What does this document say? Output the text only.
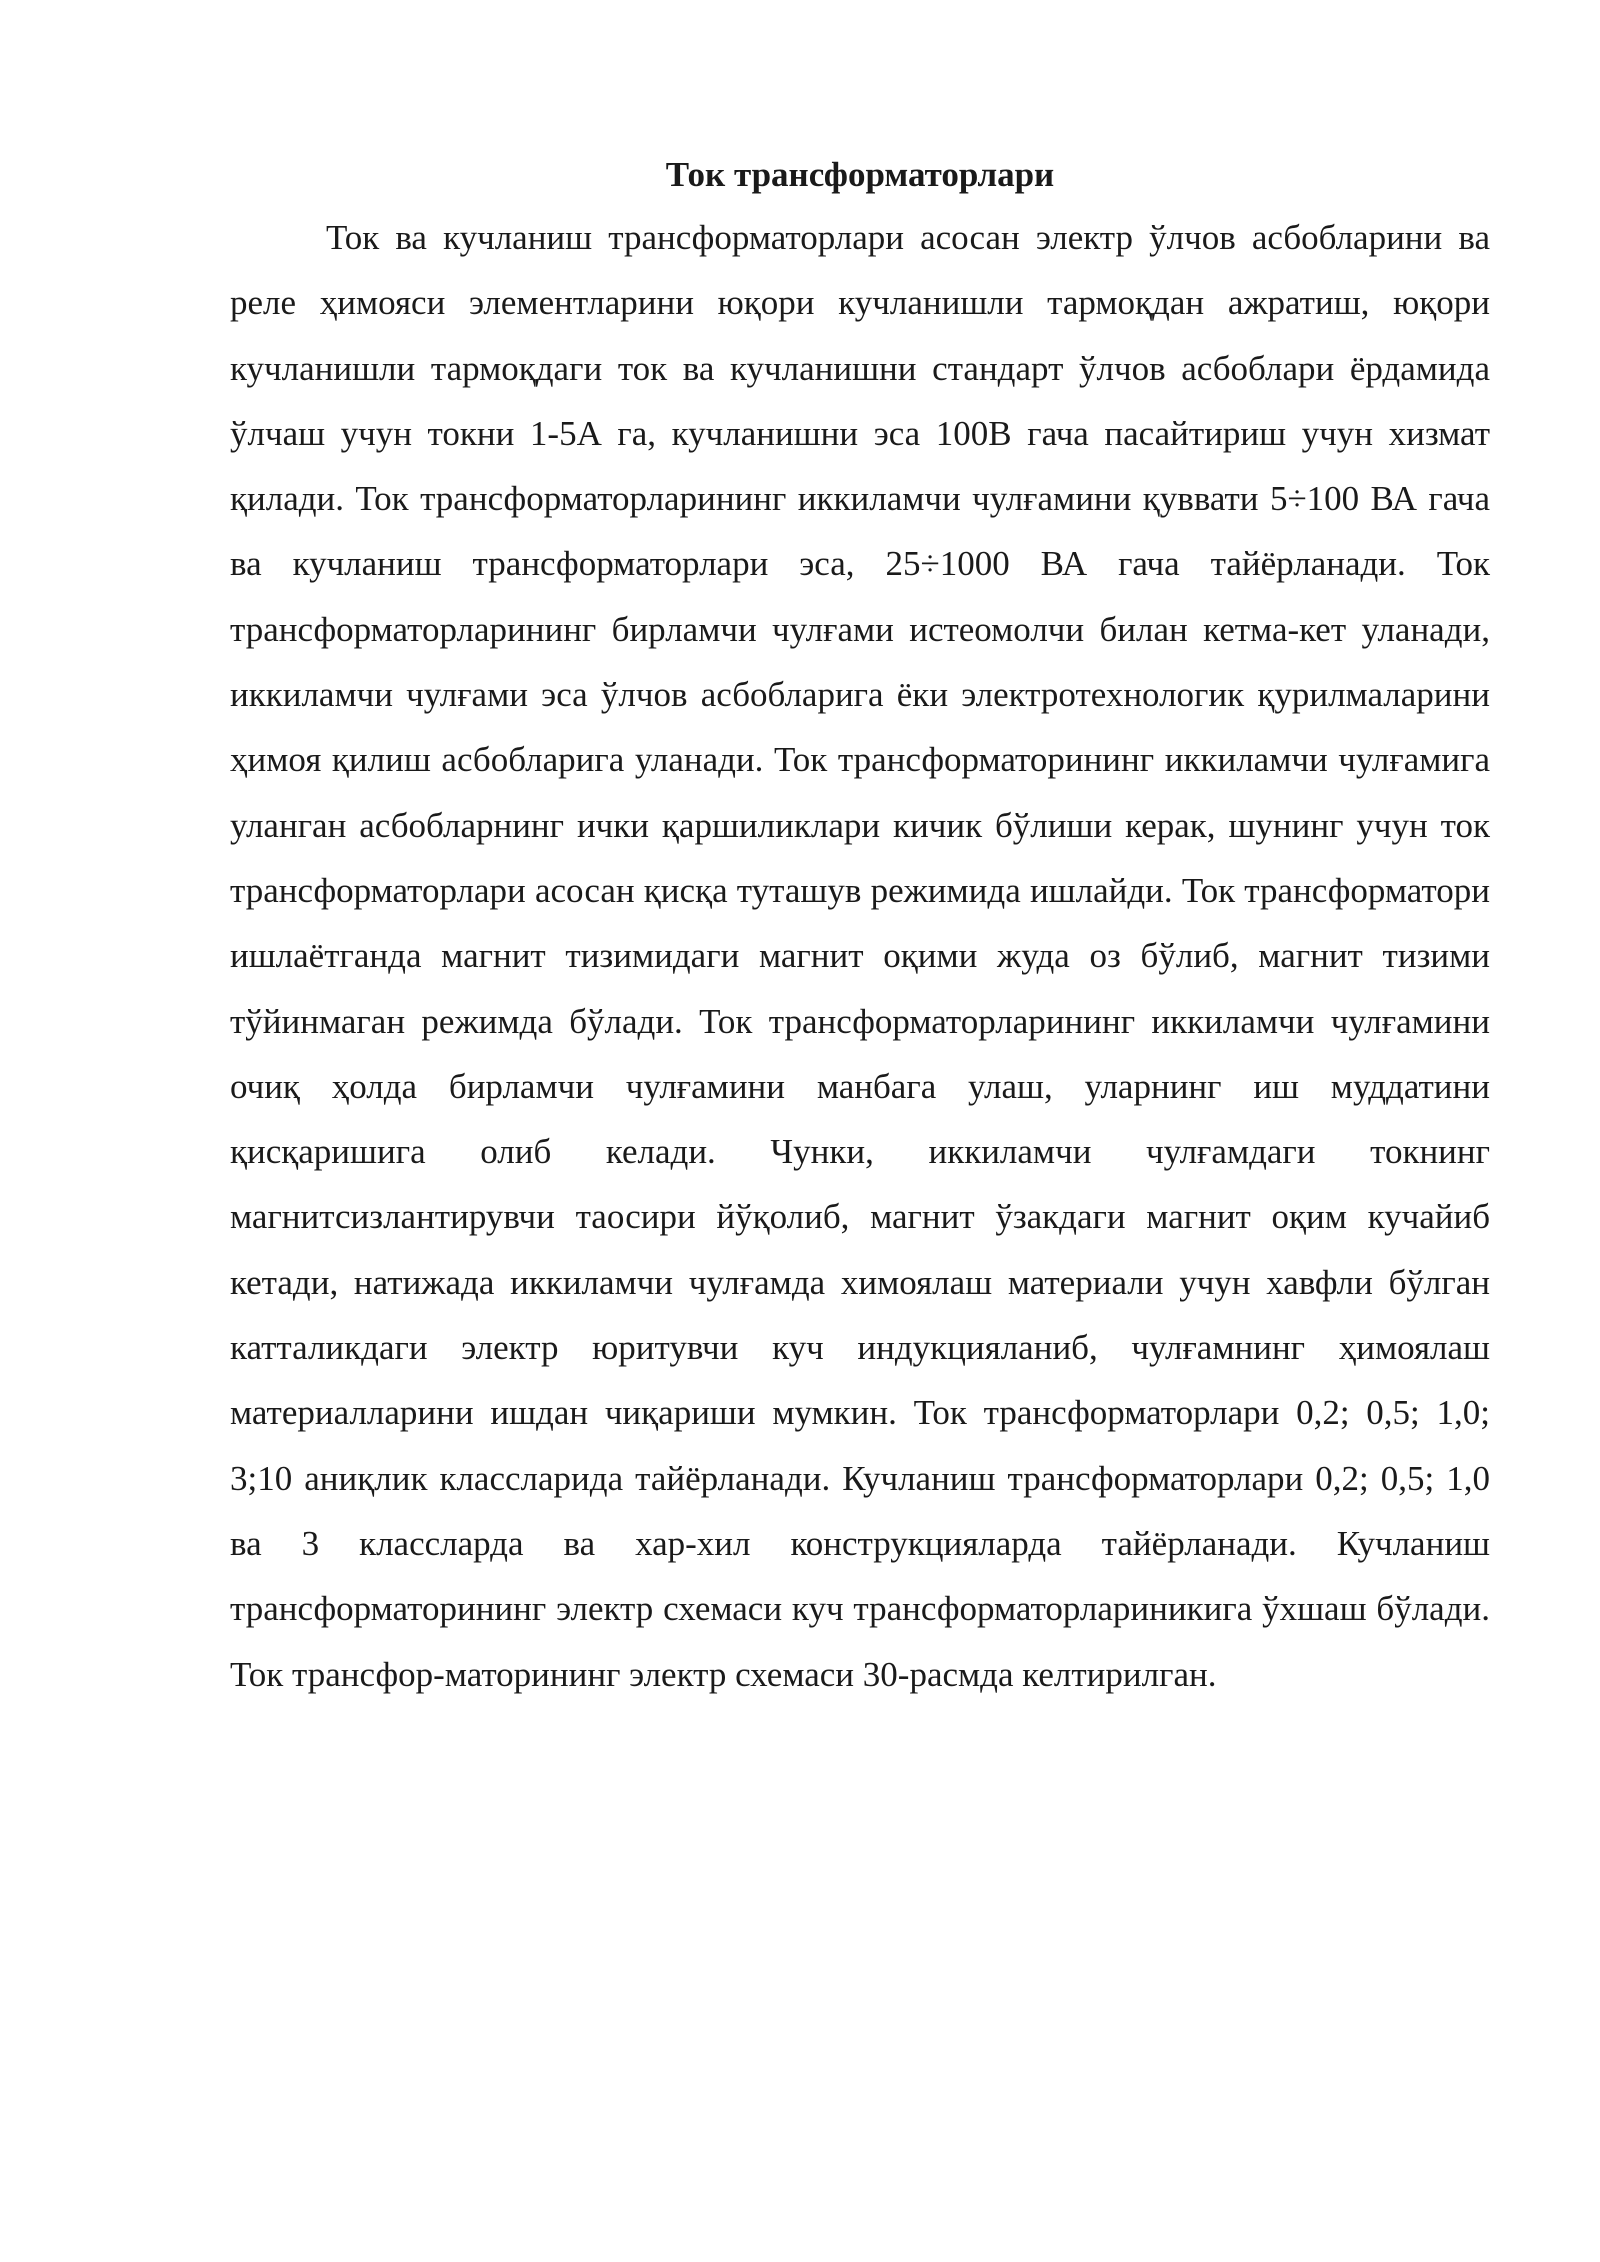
Ток трансформаторлари

Ток ва кучланиш трансформаторлари асосан электр ўлчов асбобларини ва реле ҳимояси элементларини юқори кучланишли тармоқдан ажратиш, юқори кучланишли тармоқдаги ток ва кучланишни стандарт ўлчов асбоблари ёрдамида ўлчаш учун токни 1-5А га, кучланишни эса 100В гача пасайтириш учун хизмат қилади. Ток трансформаторларининг иккиламчи чулғамини қуввати 5÷100 ВА гача ва кучланиш трансформаторлари эса, 25÷1000 ВА гача тайёрланади. Ток трансформаторларининг бирламчи чулғами истеомолчи билан кетма-кет уланади, иккиламчи чулғами эса ўлчов асбобларига ёки электротехнологик қурилмаларини ҳимоя қилиш асбобларига уланади. Ток трансформаторининг иккиламчи чулғамига уланган асбобларнинг ички қаршиликлари кичик бўлиши керак, шунинг учун ток трансформаторлари асосан қисқа туташув режимида ишлайди. Ток трансформатори ишлаётганда магнит тизимидаги магнит оқими жуда оз бўлиб, магнит тизими тўйинмаган режимда бўлади. Ток трансформаторларининг иккиламчи чулғамини очиқ ҳолда бирламчи чулғамини манбага улаш, уларнинг иш муддатини қисқаришига олиб келади. Чунки, иккиламчи чулғамдаги токнинг магнитсизлантирувчи таосири йўқолиб, магнит ўзакдаги магнит оқим кучайиб кетади, натижада иккиламчи чулғамда химоялаш материали учун хавфли бўлган катталикдаги электр юритувчи куч индукцияланиб, чулғамнинг ҳимоялаш материалларини ишдан чиқариши мумкин. Ток трансформаторлари 0,2; 0,5; 1,0; 3;10 аниқлик классларида тайёрланади. Кучланиш трансформаторлари 0,2; 0,5; 1,0 ва 3 классларда ва хар-хил конструкцияларда тайёрланади. Кучланиш трансформаторининг электр схемаси куч трансформаторлариникига ўхшаш бўлади. Ток трансфор-маторининг электр схемаси 30-расмда келтирилган.
